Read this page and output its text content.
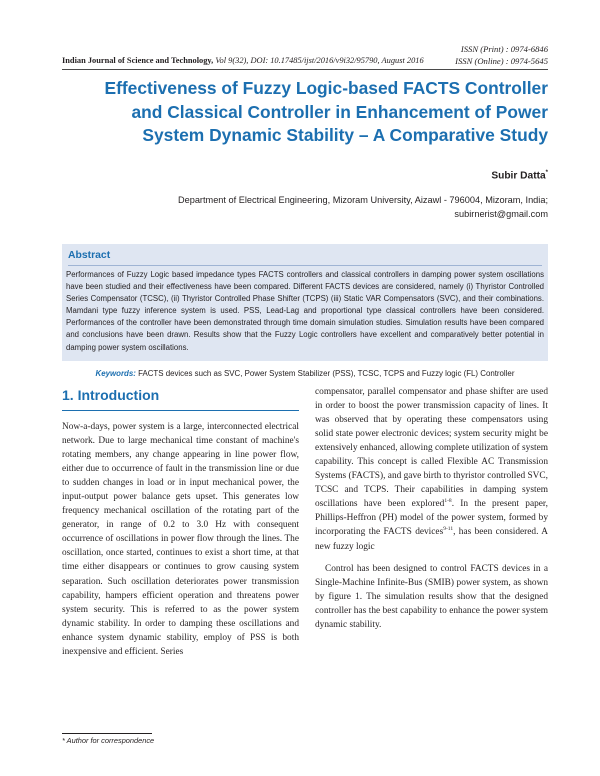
ISSN (Print) : 0974-6846
ISSN (Online) : 0974-5645
Indian Journal of Science and Technology, Vol 9(32), DOI: 10.17485/ijst/2016/v9i32/95790, August 2016
Effectiveness of Fuzzy Logic-based FACTS Controller
and Classical Controller in Enhancement of Power
System Dynamic Stability – A Comparative Study
Subir Datta*
Department of Electrical Engineering, Mizoram University, Aizawl - 796004, Mizoram, India;
subirnerist@gmail.com
Abstract
Performances of Fuzzy Logic based impedance types FACTS controllers and classical controllers in damping power system oscillations have been studied and their effectiveness have been compared. Different FACTS devices are considered, namely (i) Thyristor Controlled Series Compensator (TCSC), (ii) Thyristor Controlled Phase Shifter (TCPS) (iii) Static VAR Compensators (SVC), and their combinations. Mamdani type fuzzy inference system is used. PSS, Lead-Lag and proportional type classical controllers have been considered. Performances of the controller have been demonstrated through time domain simulation studies. Simulation results have been compared and conclusions have been drawn. Results show that the Fuzzy Logic controllers have excellent and comparatively better potential in damping power system oscillations.
Keywords: FACTS devices such as SVC, Power System Stabilizer (PSS), TCSC, TCPS and Fuzzy logic (FL) Controller
1. Introduction

Now-a-days, power system is a large, interconnected electrical network. Due to large mechanical time constant of machine's rotating members, any change appearing in line power flow, either due to occurrence of fault in the transmission line or due to sudden changes in load or in input mechanical power, the input-output power balance gets upset. This generates low frequency mechanical oscillation of the rotating part of the generator, in range of 0.2 to 3.0 Hz with consequent occurrence of oscillations in power flow through the lines. The oscillation, once started, continues to exist a short time, at that time either disappears or continues to grow causing system separation. Such oscillation deteriorates power transmission capability, hampers efficient operation and threatens power system security. This is referred to as the power system dynamic stability. In order to damping these oscillations and enhance system dynamic stability, employ of PSS is both inexpensive and efficient. Series

compensator, parallel compensator and phase shifter are used in order to boost the power transmission capacity of lines. It was observed that by operating these compensators using solid state power electronic devices; system security might be extensively enhanced, allowing complete utilization of system capability. This concept is called Flexible AC Transmission Systems (FACTS), and gave birth to thyristor controlled SVC, TCSC and TCPS. Their capabilities in damping system oscillations have been explored$^{1-8}$. In the present paper, Phillips-Heffron (PH) model of the power system, formed by incorporating the FACTS devices$^{9-11}$, has been considered. A new fuzzy logic

Control has been designed to control FACTS devices in a Single-Machine Infinite-Bus (SMIB) power system, as shown by figure 1. The simulation results show that the designed controller has the best capability to enhance the power system dynamic stability.

* Author for correspondence
